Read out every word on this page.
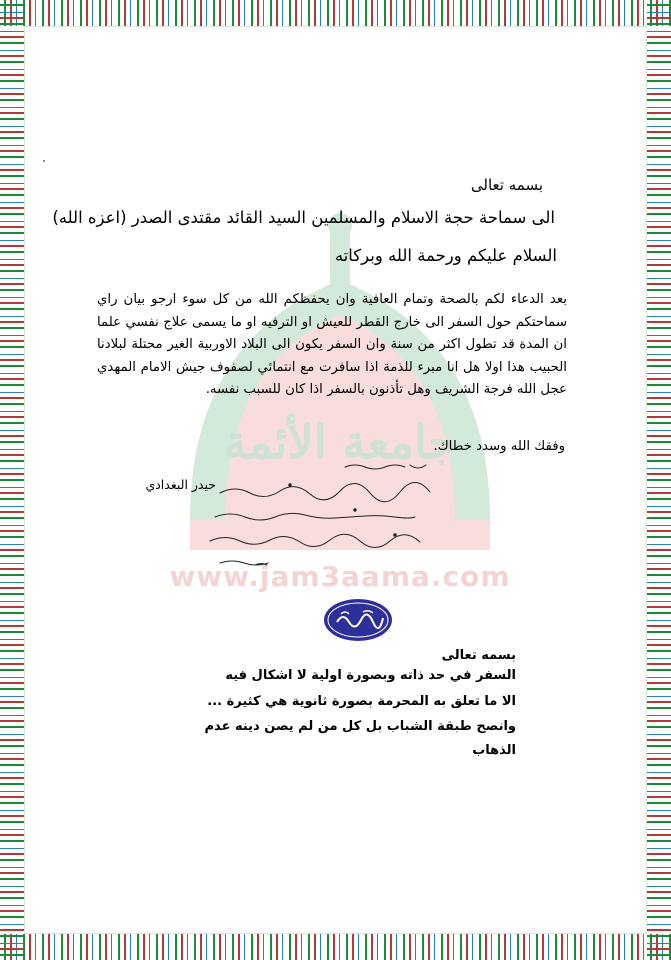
جامعة الأئمة
www.jam3aama.com
بسمه تعالى
الى سماحة حجة الاسلام والمسلمين السيد القائد مقتدى الصدر (اعزه الله)
السلام عليكم ورحمة الله وبركاته
بعد الدعاء لكم بالصحة وتمام العافية وان يحفظكم الله من كل سوء ارجو بيان راي سماحتكم حول السفر الى خارج القطر للعيش او الترفيه او ما يسمى علاج نفسي علما ان المدة قد تطول اكثر من سنة وان السفر يكون الى البلاد الاوربية الغير محتلة لبلادنا الحبيب هذا اولا هل انا مبرء للذمة اذا سافرت مع انتمائي لصفوف جيش الامام المهدي عجل الله فرجة الشريف وهل تأذنون بالسفر اذا كان للسبب نفسه.
وفقك الله وسدد خطاك.
حيدر البغدادي
بسمه تعالى
السفر في حد ذاته وبصورة اولية لا اشكال فيه
الا ما تعلق به المحرمة بصورة ثانوية هي كثيرة ...
وانصح طبقة الشباب بل كل من لم يصن دينه عدم
الذهاب
